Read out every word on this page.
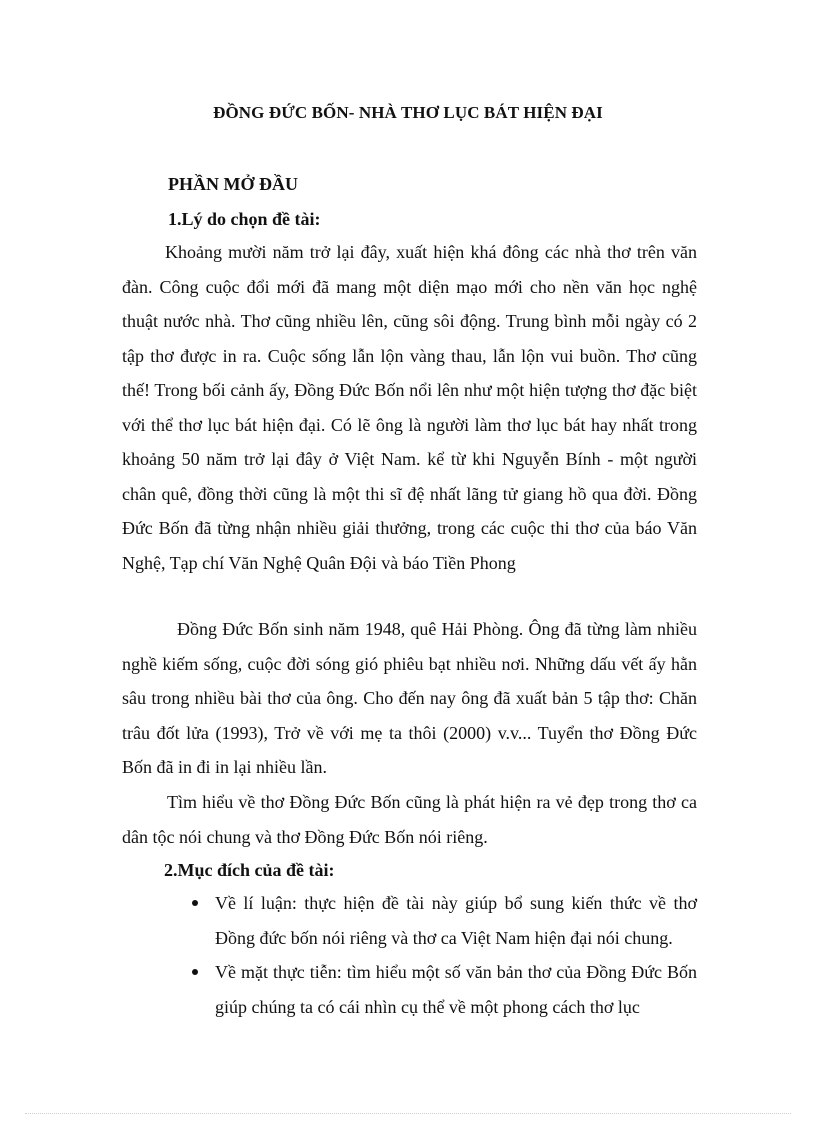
ĐỒNG ĐỨC BỐN- NHÀ THƠ LỤC BÁT HIỆN ĐẠI
PHẦN MỞ ĐẦU
1.Lý do chọn đề tài:

Khoảng mười năm trở lại đây, xuất hiện khá đông các nhà thơ trên văn đàn. Công cuộc đổi mới đã mang một diện mạo mới cho nền văn học nghệ thuật nước nhà. Thơ cũng nhiều lên, cũng sôi động. Trung bình mỗi ngày có 2 tập thơ được in ra. Cuộc sống lẫn lộn vàng thau, lẫn lộn vui buồn. Thơ cũng thế! Trong bối cảnh ấy, Đồng Đức Bốn nổi lên như một hiện tượng thơ đặc biệt với thể thơ lục bát hiện đại. Có lẽ ông là người làm thơ lục bát hay nhất trong khoảng 50 năm trở lại đây ở Việt Nam. kể từ khi Nguyễn Bính - một người chân quê, đồng thời cũng là một thi sĩ đệ nhất lãng tử giang hồ qua đời. Đồng Đức Bốn đã từng nhận nhiều giải thưởng, trong các cuộc thi thơ của báo Văn Nghệ, Tạp chí Văn Nghệ Quân Đội và báo Tiền Phong

Đồng Đức Bốn sinh năm 1948, quê Hải Phòng. Ông đã từng làm nhiều nghề kiếm sống, cuộc đời sóng gió phiêu bạt nhiều nơi. Những dấu vết ấy hằn sâu trong nhiều bài thơ của ông. Cho đến nay ông đã xuất bản 5 tập thơ: Chăn trâu đốt lửa (1993), Trở về với mẹ ta thôi (2000) v.v... Tuyển thơ Đồng Đức Bốn đã in đi in lại nhiều lần.

Tìm hiểu về thơ Đồng Đức Bốn cũng là phát hiện ra vẻ đẹp trong thơ ca dân tộc nói chung và thơ Đồng Đức Bốn nói riêng.

2.Mục đích của đề tài:
Về lí luận: thực hiện đề tài này giúp bổ sung kiến thức về thơ Đồng đức bốn nói riêng và thơ ca Việt Nam hiện đại nói chung.
Về mặt thực tiễn: tìm hiểu một số văn bản thơ của Đồng Đức Bốn giúp chúng ta có cái nhìn cụ thể về một phong cách thơ lục
